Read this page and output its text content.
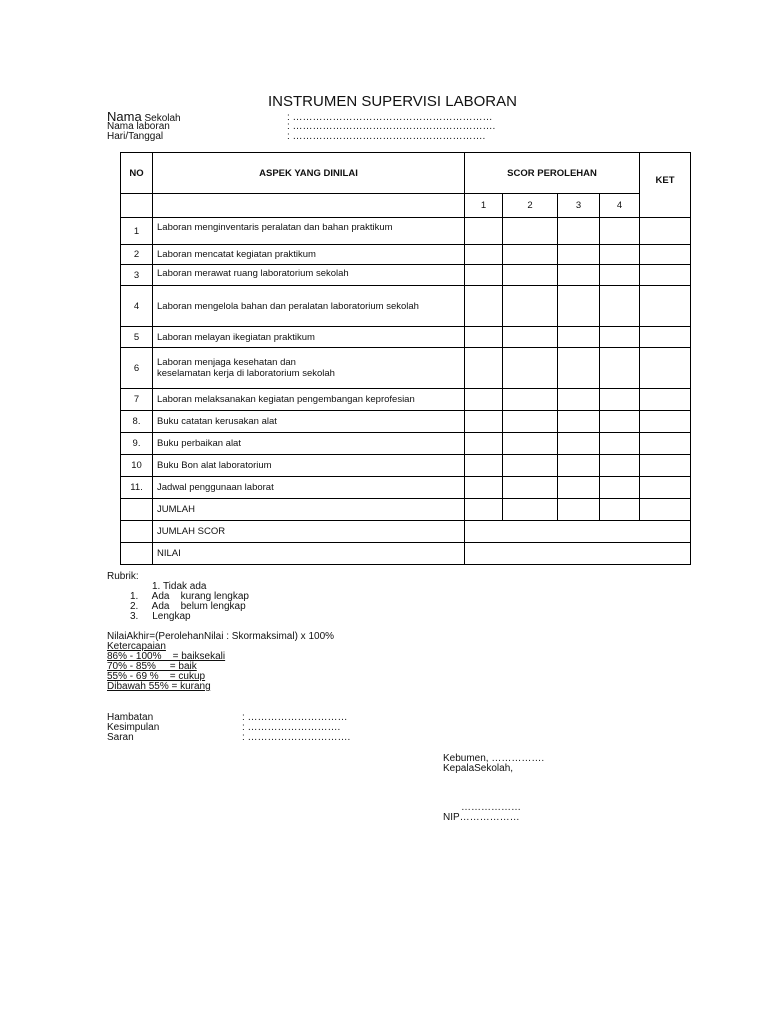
INSTRUMEN SUPERVISI LABORAN
Nama Sekolah	: ……………………………………………………
Nama laboran	: …………………………………………………….
Hari/Tanggal	: ………………………………………………….
NO	ASPEK YANG DINILAI	SCOR PEROLEHAN				KET
		1	2	3	4	
1	Laboran menginventaris peralatan dan bahan praktikum					
2	Laboran mencatat kegiatan praktikum					
3	Laboran merawat ruang laboratorium sekolah					
4	Laboran mengelola bahan dan peralatan laboratorium sekolah					
5	Laboran melayan ikegiatan praktikum					
6	Laboran menjaga kesehatan dan keselamatan kerja di laboratorium sekolah					
7	Laboran melaksanakan kegiatan pengembangan keprofesian					
8.	Buku catatan kerusakan alat					
9.	Buku perbaikan alat					
10	Buku Bon alat laboratorium					
11.	Jadwal penggunaan laborat					
	JUMLAH					
	JUMLAH SCOR					
	NILAI					
Rubrik:
1. Tidak ada
1.     Ada    kurang lengkap
2.     Ada    belum lengkap
3.     Lengkap
NilaiAkhir=(PerolehanNilai : Skormaksimal) x 100%
Ketercapaian
86% - 100%    = baiksekali
70% - 85%     = baik
55% - 69 %    = cukup
Dibawah 55% = kurang
Hambatan	: …………………………
Kesimpulan	: ……………………….
Saran	: ………………………….
Kebumen, …………….
KepalaSekolah,
………………
NIP………………
